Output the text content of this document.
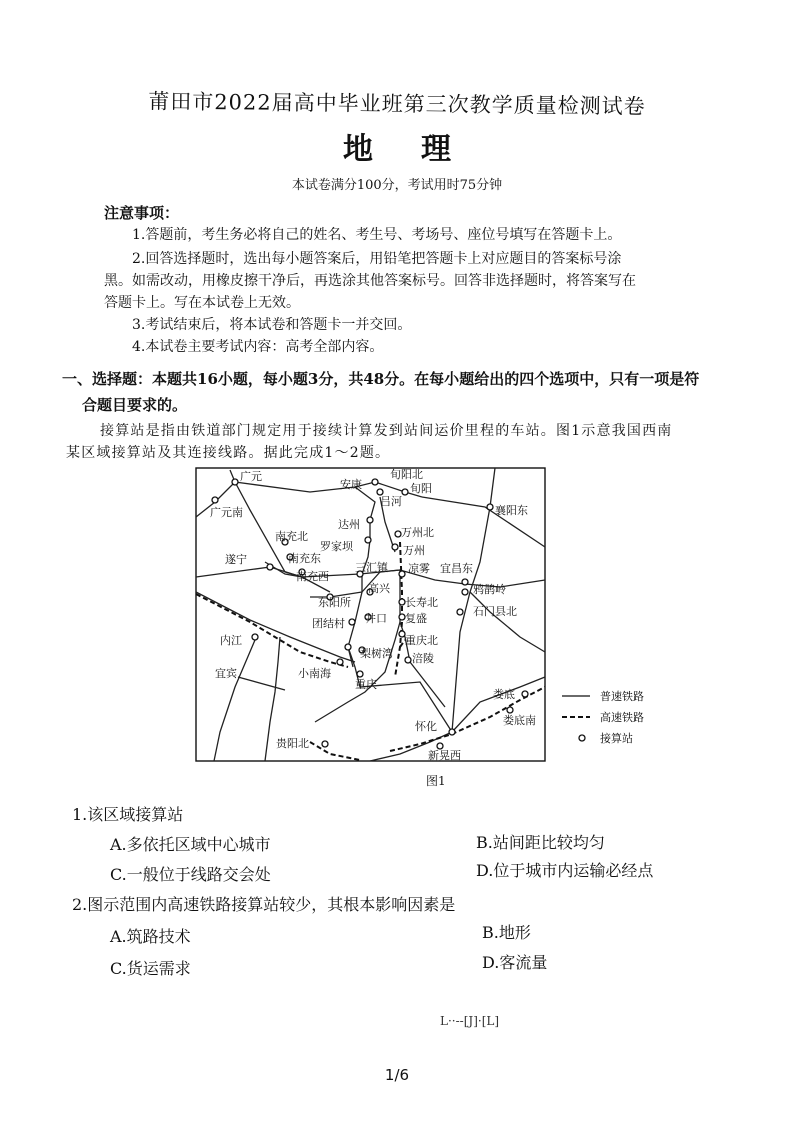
莆田市2022届高中毕业班第三次教学质量检测试卷
地理
本试卷满分100分，考试用时75分钟
注意事项：
1.答题前，考生务必将自己的姓名、考生号、考场号、座位号填写在答题卡上。
2.回答选择题时，选出每小题答案后，用铅笔把答题卡上对应题目的答案标号涂
黑。如需改动，用橡皮擦干净后，再选涂其他答案标号。回答非选择题时，将答案写在
答题卡上。写在本试卷上无效。
3.考试结束后，将本试卷和答题卡一并交回。
4.本试卷主要考试内容：高考全部内容。
一、选择题：本题共16小题，每小题3分，共48分。在每小题给出的四个选项中，只有一项是符
合题目要求的。
接算站是指由铁道部门规定用于接续计算发到站间运价里程的车站。图1示意我国西南
某区域接算站及其连接线路。据此完成1～2题。
广元
广元南
安康
旬阳北
旬阳
吕河
襄阳东
达州
南充北
罗家坝
万州北
万州
遂宁	南充东
南充西
三汇镇 凉雾 宜昌东
高兴	鸦鹊岭
东阳所	长寿北
石门县北
团结村 井口 复盛
内江	重庆北
梨树湾 涪陵
宜宾	小南海
重庆
娄底
娄底南
怀化
贵阳北
新晃西
普速铁路
高速铁路
接算站
图1
1.该区域接算站
A.多依托区域中心城市	B.站间距比较均匀
C.一般位于线路交会处	D.位于城市内运输必经点
2.图示范围内高速铁路接算站较少，其根本影响因素是
A.筑路技术	B.地形
C.货运需求	D.客流量
L··--[J]·[L]
1/6
